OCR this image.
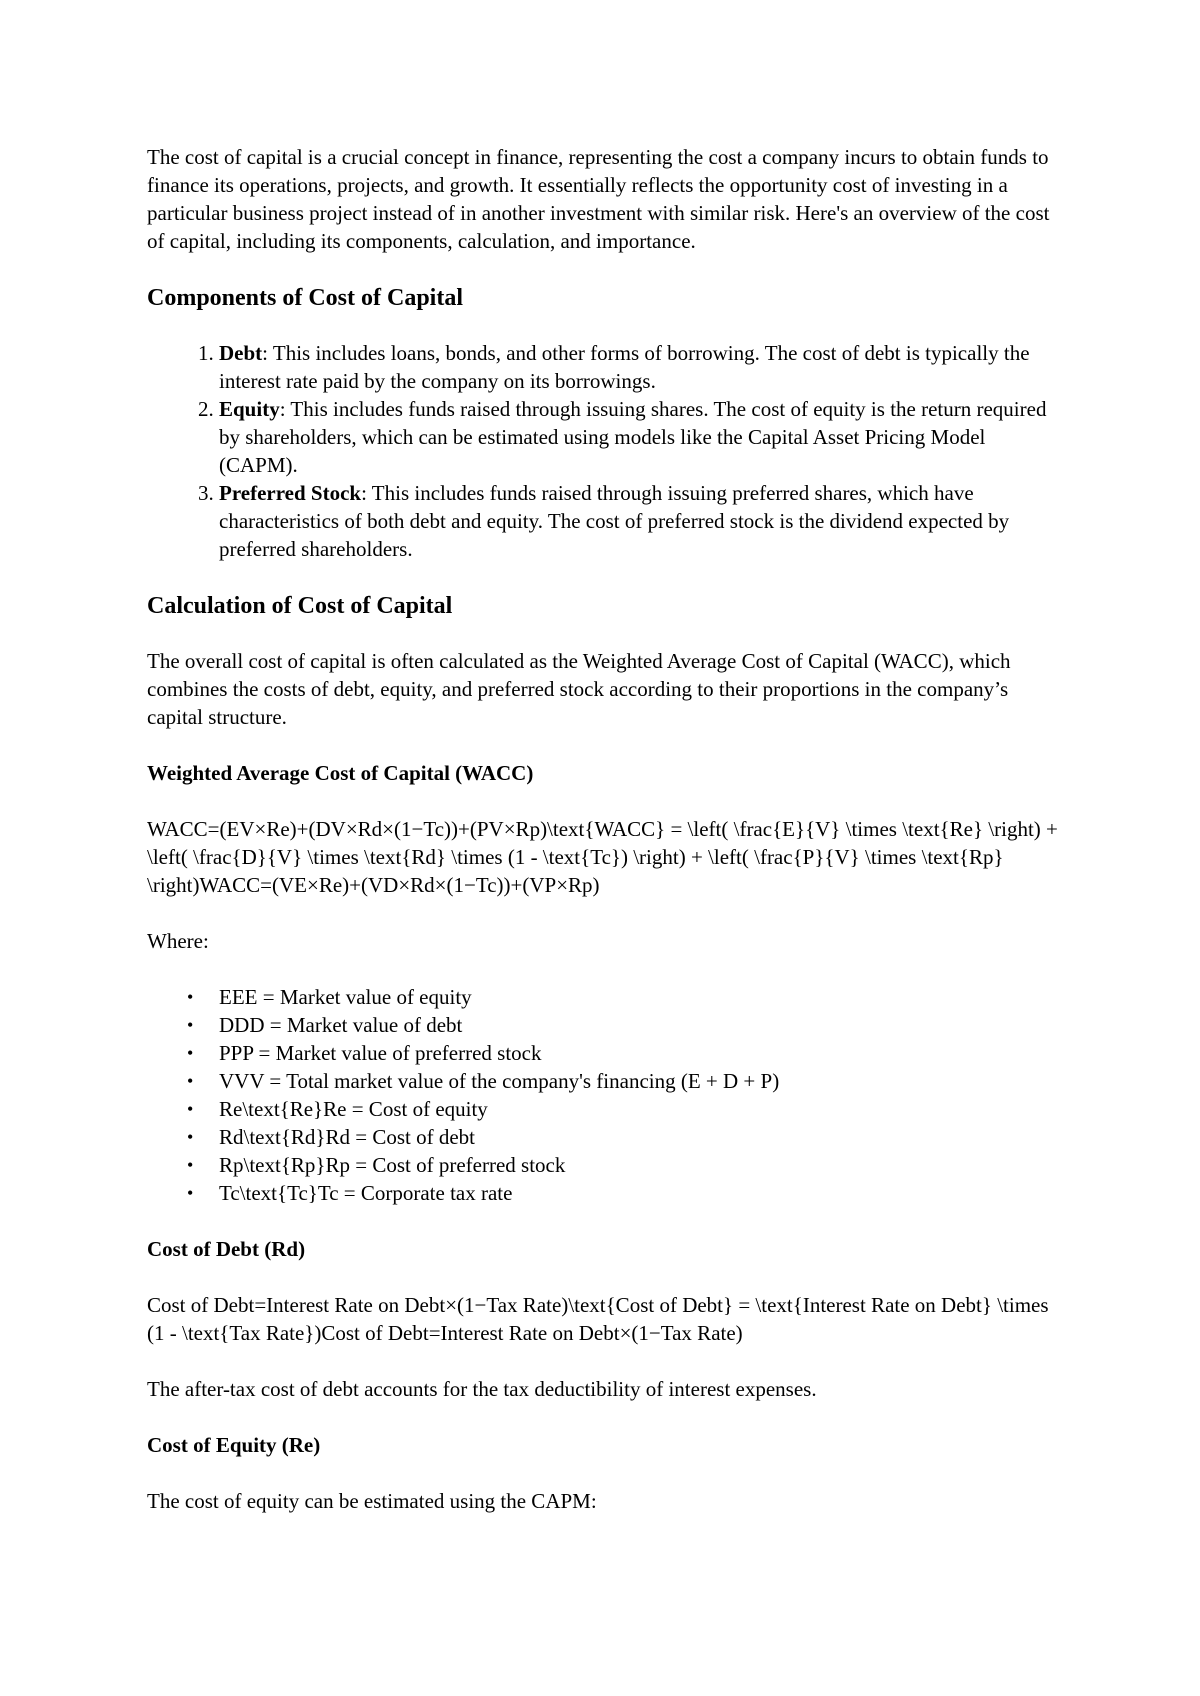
The cost of capital is a crucial concept in finance, representing the cost a company incurs to obtain funds to finance its operations, projects, and growth. It essentially reflects the opportunity cost of investing in a particular business project instead of in another investment with similar risk. Here's an overview of the cost of capital, including its components, calculation, and importance.

Components of Cost of Capital
1. Debt: This includes loans, bonds, and other forms of borrowing. The cost of debt is typically the interest rate paid by the company on its borrowings.
2. Equity: This includes funds raised through issuing shares. The cost of equity is the return required by shareholders, which can be estimated using models like the Capital Asset Pricing Model (CAPM).
3. Preferred Stock: This includes funds raised through issuing preferred shares, which have characteristics of both debt and equity. The cost of preferred stock is the dividend expected by preferred shareholders.
Calculation of Cost of Capital

The overall cost of capital is often calculated as the Weighted Average Cost of Capital (WACC), which combines the costs of debt, equity, and preferred stock according to their proportions in the company’s capital structure.

Weighted Average Cost of Capital (WACC)

WACC=(EV×Re)+(DV×Rd×(1−Tc))+(PV×Rp)\text{WACC} = \left( \frac{E}{V} \times \text{Re} \right) + \left( \frac{D}{V} \times \text{Rd} \times (1 - \text{Tc}) \right) + \left( \frac{P}{V} \times \text{Rp} \right)WACC=(VE×Re)+(VD×Rd×(1−Tc))+(VP×Rp)

Where:

• EEE = Market value of equity
• DDD = Market value of debt
• PPP = Market value of preferred stock
• VVV = Total market value of the company's financing (E + D + P)
• Re\text{Re}Re = Cost of equity
• Rd\text{Rd}Rd = Cost of debt
• Rp\text{Rp}Rp = Cost of preferred stock
• Tc\text{Tc}Tc = Corporate tax rate
Cost of Debt (Rd)

Cost of Debt=Interest Rate on Debt×(1−Tax Rate)\text{Cost of Debt} = \text{Interest Rate on Debt} \times (1 - \text{Tax Rate})Cost of Debt=Interest Rate on Debt×(1−Tax Rate)

The after-tax cost of debt accounts for the tax deductibility of interest expenses.

Cost of Equity (Re)

The cost of equity can be estimated using the CAPM:
